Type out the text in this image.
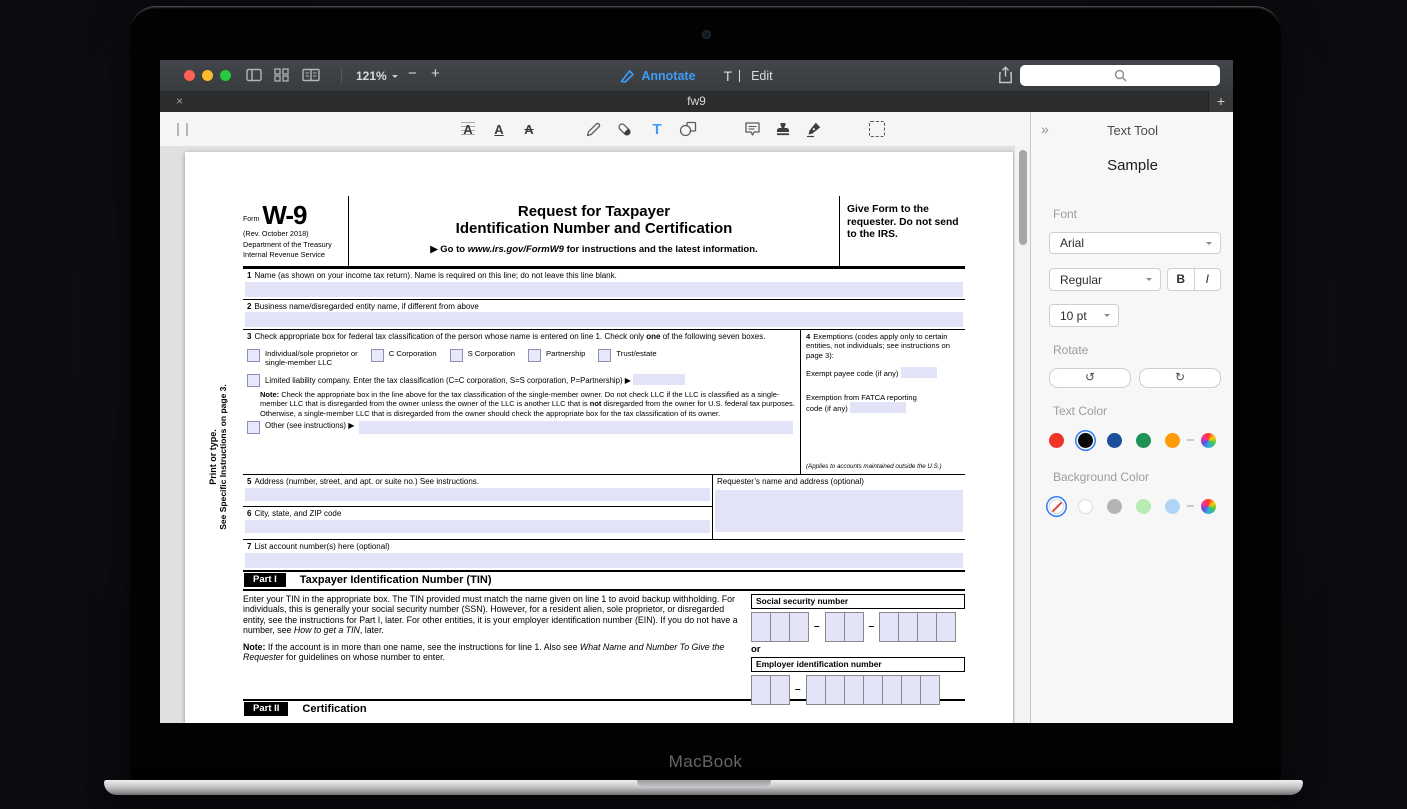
121% − +	Annotate T Edit
×	fw9	+
A A A	T
Print or type.
See Specific Instructions on page 3.
Form W-9
(Rev. October 2018)
Department of the Treasury
Internal Revenue Service
Request for Taxpayer
Identification Number and Certification
▶ Go to www.irs.gov/FormW9 for instructions and the latest information.
Give Form to the requester. Do not send to the IRS.
1 Name (as shown on your income tax return). Name is required on this line; do not leave this line blank.
2 Business name/disregarded entity name, if different from above
3 Check appropriate box for federal tax classification of the person whose name is entered on line 1. Check only one of the following seven boxes.
Individual/sole proprietor or
single-member LLC
C Corporation	S Corporation	Partnership	Trust/estate
Limited liability company. Enter the tax classification (C=C corporation, S=S corporation, P=Partnership) ▶
Note: Check the appropriate box in the line above for the tax classification of the single-member owner. Do not check LLC if the LLC is classified as a single-member LLC that is disregarded from the owner unless the owner of the LLC is another LLC that is not disregarded from the owner for U.S. federal tax purposes. Otherwise, a single-member LLC that is disregarded from the owner should check the appropriate box for the tax classification of its owner.
Other (see instructions) ▶
4 Exemptions (codes apply only to certain entities, not individuals; see instructions on page 3):
Exempt payee code (if any)
Exemption from FATCA reporting
code (if any)
(Applies to accounts maintained outside the U.S.)
5 Address (number, street, and apt. or suite no.) See instructions.
6 City, state, and ZIP code
Requester’s name and address (optional)
7 List account number(s) here (optional)
Part I	Taxpayer Identification Number (TIN)
Enter your TIN in the appropriate box. The TIN provided must match the name given on line 1 to avoid backup withholding. For individuals, this is generally your social security number (SSN). However, for a resident alien, sole proprietor, or disregarded entity, see the instructions for Part I, later. For other entities, it is your employer identification number (EIN). If you do not have a number, see How to get a TIN, later.
Note: If the account is in more than one name, see the instructions for line 1. Also see What Name and Number To Give the Requester for guidelines on whose number to enter.
Social security number
–	–
or
Employer identification number
–
Part II	Certification
»	Text Tool
Sample
Font
Arial
Regular	B	I
10 pt
Rotate
↺	↻
Text Color
Background Color
MacBook
